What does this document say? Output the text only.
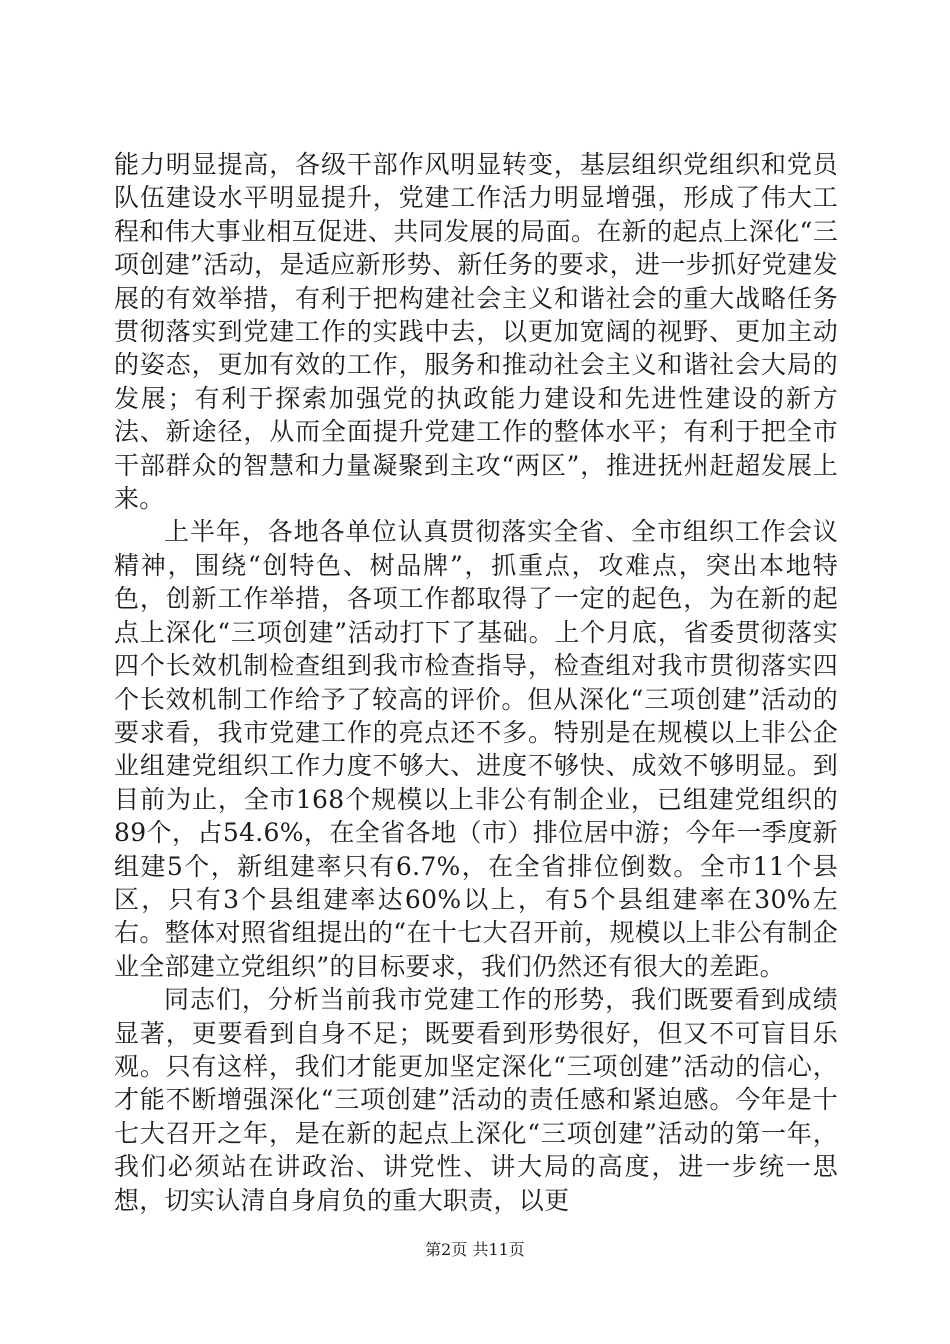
能力明显提高，各级干部作风明显转变，基层组织党组织和党员队伍建设水平明显提升，党建工作活力明显增强，形成了伟大工程和伟大事业相互促进、共同发展的局面。在新的起点上深化“三项创建”活动，是适应新形势、新任务的要求，进一步抓好党建发展的有效举措，有利于把构建社会主义和谐社会的重大战略任务贯彻落实到党建工作的实践中去，以更加宽阔的视野、更加主动的姿态，更加有效的工作，服务和推动社会主义和谐社会大局的发展；有利于探索加强党的执政能力建设和先进性建设的新方法、新途径，从而全面提升党建工作的整体水平；有利于把全市干部群众的智慧和力量凝聚到主攻“两区”，推进抚州赶超发展上来。

上半年，各地各单位认真贯彻落实全省、全市组织工作会议精神，围绕“创特色、树品牌”，抓重点，攻难点，突出本地特色，创新工作举措，各项工作都取得了一定的起色，为在新的起点上深化“三项创建”活动打下了基础。上个月底，省委贯彻落实四个长效机制检查组到我市检查指导，检查组对我市贯彻落实四个长效机制工作给予了较高的评价。但从深化“三项创建”活动的要求看，我市党建工作的亮点还不多。特别是在规模以上非公企业组建党组织工作力度不够大、进度不够快、成效不够明显。到目前为止，全市168个规模以上非公有制企业，已组建党组织的89个，占54.6%，在全省各地（市）排位居中游；今年一季度新组建5个，新组建率只有6.7%，在全省排位倒数。全市11个县区，只有3个县组建率达60%以上，有5个县组建率在30%左右。整体对照省组提出的“在十七大召开前，规模以上非公有制企业全部建立党组织”的目标要求，我们仍然还有很大的差距。

同志们，分析当前我市党建工作的形势，我们既要看到成绩显著，更要看到自身不足；既要看到形势很好，但又不可盲目乐观。只有这样，我们才能更加坚定深化“三项创建”活动的信心，才能不断增强深化“三项创建”活动的责任感和紧迫感。今年是十七大召开之年，是在新的起点上深化“三项创建”活动的第一年，我们必须站在讲政治、讲党性、讲大局的高度，进一步统一思想，切实认清自身肩负的重大职责，以更

第2页 共11页
